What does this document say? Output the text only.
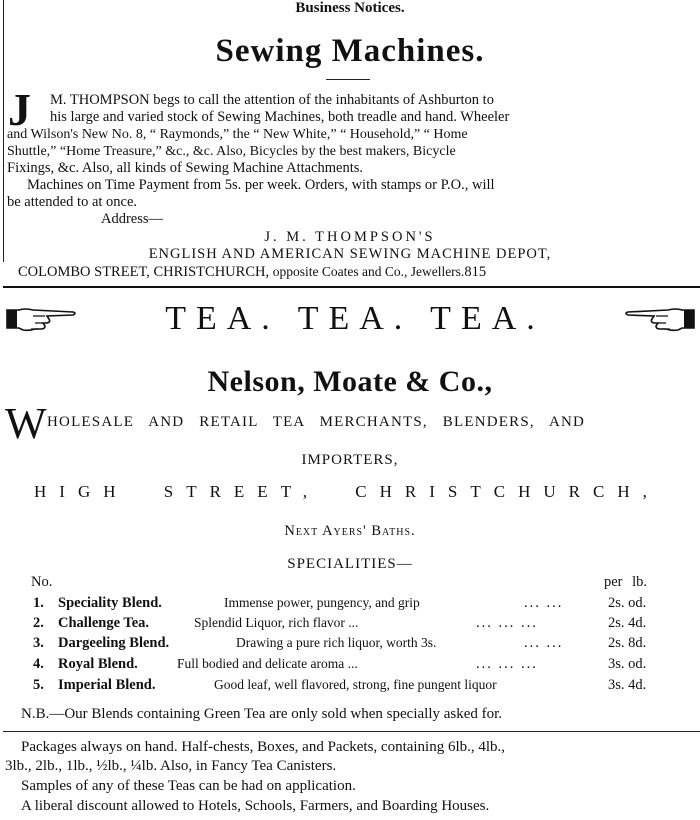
Business Notices.
Sewing Machines.
J M. THOMPSON begs to call the attention of the inhabitants of Ashburton to
his large and varied stock of Sewing Machines, both treadle and hand. Wheeler
and Wilson's New No. 8, “ Raymonds,” the “ New White,” “ Household,” “ Home
Shuttle,” “Home Treasure,” &c., &c. Also, Bicycles by the best makers, Bicycle
Fixings, &c. Also, all kinds of Sewing Machine Attachments.
Machines on Time Payment from 5s. per week. Orders, with stamps or P.O., will
be attended to at once.
Address—
J. M. THOMPSON'S
ENGLISH AND AMERICAN SEWING MACHINE DEPOT,
COLOMBO STREET, CHRISTCHURCH, opposite Coates and Co., Jewellers.815
TEA. TEA. TEA.
Nelson, Moate & Co.,
W HOLESALE AND RETAIL TEA MERCHANTS, BLENDERS, AND
IMPORTERS,
HIGH STREET, CHRISTCHURCH,
Next Ayers' Baths.
SPECIALITIES—
No.	per lb.
1. Speciality Blend.	Immense power, pungency, and grip	... ...	2s. od.
2. Challenge Tea.	Splendid Liquor, rich flavor ...	... ... ...	2s. 4d.
3. Dargeeling Blend.	Drawing a pure rich liquor, worth 3s.	... ...	2s. 8d.
4. Royal Blend.	Full bodied and delicate aroma ...	... ... ...	3s. od.
5. Imperial Blend.	Good leaf, well flavored, strong, fine pungent liquor	3s. 4d.
N.B.—Our Blends containing Green Tea are only sold when specially asked for.
Packages always on hand. Half-chests, Boxes, and Packets, containing 6lb., 4lb.,
3lb., 2lb., 1lb., ½lb., ¼lb. Also, in Fancy Tea Canisters.
Samples of any of these Teas can be had on application.
A liberal discount allowed to Hotels, Schools, Farmers, and Boarding Houses.
